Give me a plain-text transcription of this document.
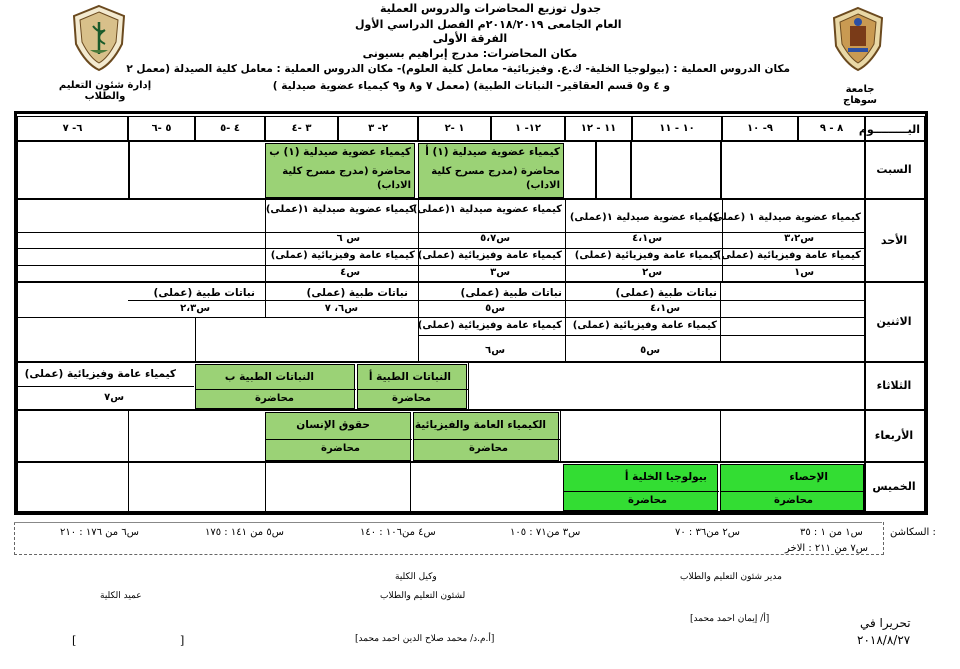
جدول توزيع المحاضرات والدروس العملية
العام الجامعى ٢٠١٨/٢٠١٩م الفصل الدراسي الأول
الفرقة الأولى
مكان المحاضرات: مدرج إبراهيم بسيونى
مكان الدروس العملية : (بيولوجيا الخلية- ك.ع. وفيزيائية- معامل كلية العلوم)- مكان الدروس العملية : معامل كلية الصيدلة (معمل ٢
و ٤ و٥ قسم العقاقير- النباتات الطبية) (معمل ٧ و٨ و٩ كيمياء عضوية صيدلية )	جامعة سوهاج
إدارة شئون التعليم والطلاب
اليـــــــــوم
٨ - ٩
٩- ١٠
١٠ - ١١
١١ - ١٢
١٢- ١
١ -٢
٢- ٣
٣ -٤
٤ -٥
٥ -٦
٦- ٧
السبت
الأحد
الاثنين
الثلاثاء
الأربعاء
الخميس
كيمياء عضوية صيدلية (١) أ
محاضرة (مدرج مسرح كلية الاداب)
كيمياء عضوية صيدلية (١) ب
محاضرة (مدرج مسرح كلية الاداب)
كيمياء عضوية صيدلية ١ (عملى)
س٣،٢
كيمياء عامة وفيزيائية (عملى)
س١
كيمياء عضوية صيدلية ١(عملى)
س٤،١
كيمياء عامة وفيزيائية (عملى)
س٢
كيمياء عضوية صيدلية ١(عملى)
س٥،٧
كيمياء عامة وفيزيائية (عملى)
س٣
كيمياء عضوية صيدلية ١(عملى)
س ٦
كيمياء عامة وفيزيائية (عملى)
س٤
نباتات طبية (عملى)
س٤،١
كيمياء عامة وفيزيائية (عملى)
س٥
نباتات طبية (عملى)
س٥
كيمياء عامة وفيزيائية (عملى)
س٦
نباتات طبية (عملى)
س٦، ٧
نباتات طبية (عملى)
س٢،٣
النباتات الطبية أ
محاضرة
النباتات الطبية ب
محاضرة
كيمياء عامة وفيزيائية (عملى)
س٧
الكيمياء العامة والفيزيائية
محاضرة
حقوق الإنسان
محاضرة
الإحصاء
محاضرة
بيولوجيا الخلية أ
محاضرة
السكاشن :
س١ من ١ : ٣٥
س٢ من٣٦ : ٧٠
س٣ من٧١ : ١٠٥
س٤ من١٠٦ : ١٤٠
س٥ من ١٤١ : ١٧٥
س٦ من ١٧٦ : ٢١٠
س٧ من ٢١١ : الاخر
مدير شئون التعليم والطلاب
وكيل الكلية
لشئون التعليم والطلاب
عميد الكلية
[أ/ إيمان احمد محمد]
[أ.م.د/ محمد صلاح الدين احمد محمد]
]
[
تحريرا في
٢٠١٨/٨/٢٧
